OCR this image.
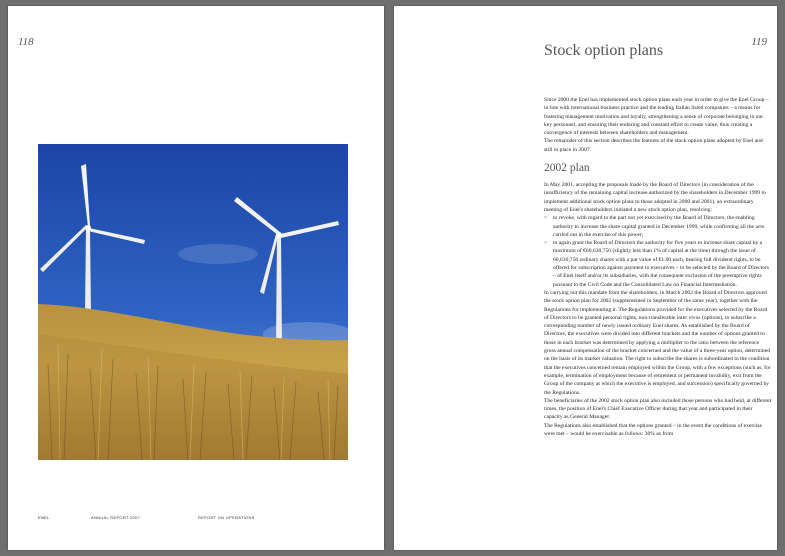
118
ENEL	ANNUAL REPORT 2007	REPORT ON OPERATIONS
119
Stock option plans

Since 2000 the Enel has implemented stock option plans each year in order to give the Enel Group – in line with international business practice and the leading Italian listed companies – a means for fostering management motivation and loyalty, strengthening a sense of corporate belonging in our key personnel, and ensuring their enduring and constant effort to create value, thus creating a convergence of interests between shareholders and management.

The remainder of this section describes the features of the stock option plans adopted by Enel and still in place in 2007.

2002 plan

In May 2001, accepting the proposals made by the Board of Directors (in consideration of the insufficiency of the remaining capital increase authorized by the shareholders in December 1999 to implement additional stock option plans to those adopted in 2000 and 2001), an extraordinary meeting of Enel's shareholders initiated a new stock option plan, resolving:

> to revoke, with regard to the part not yet exercised by the Board of Directors, the enabling authority to increase the share capital granted in December 1999, while confirming all the acts carried out in the exercise of this power;
> to again grant the Board of Directors the authority for five years to increase share capital by a maximum of €60,630,750 (slightly less than 1% of capital at the time) through the issue of 60,630,750 ordinary shares with a par value of €1.00 each, bearing full dividend rights, to be offered for subscription against payment to executives – to be selected by the Board of Directors – of Enel itself and/or its subsidiaries, with the consequent exclusion of the preemptive rights pursuant to the Civil Code and the Consolidated Law on Financial Intermediation.

In carrying out this mandate from the shareholders, in March 2002 the Board of Directors approved the stock option plan for 2002 (supplemented in September of the same year), together with the Regulations for implementing it. The Regulations provided for the executives selected by the Board of Directors to be granted personal rights, non-transferable inter vivos (options), to subscribe a corresponding number of newly issued ordinary Enel shares. As established by the Board of Directors, the executives were divided into different brackets and the number of options granted to those in each bracket was determined by applying a multiplier to the ratio between the reference gross annual compensation of the bracket concerned and the value of a three-year option, determined on the basis of its market valuation. The right to subscribe the shares is subordinated to the condition that the executives concerned remain employed within the Group, with a few exceptions (such as, for example, termination of employment because of retirement or permanent invalidity, exit from the Group of the company at which the executive is employed, and succession) specifically governed by the Regulations.

The beneficiaries of the 2002 stock option plan also included those persons who had held, at different times, the position of Enel's Chief Executive Officer during that year and participated in their capacity as General Manager.

The Regulations also established that the options granted – in the event the conditions of exercise were met – would be exercisable as follows: 30% as from
